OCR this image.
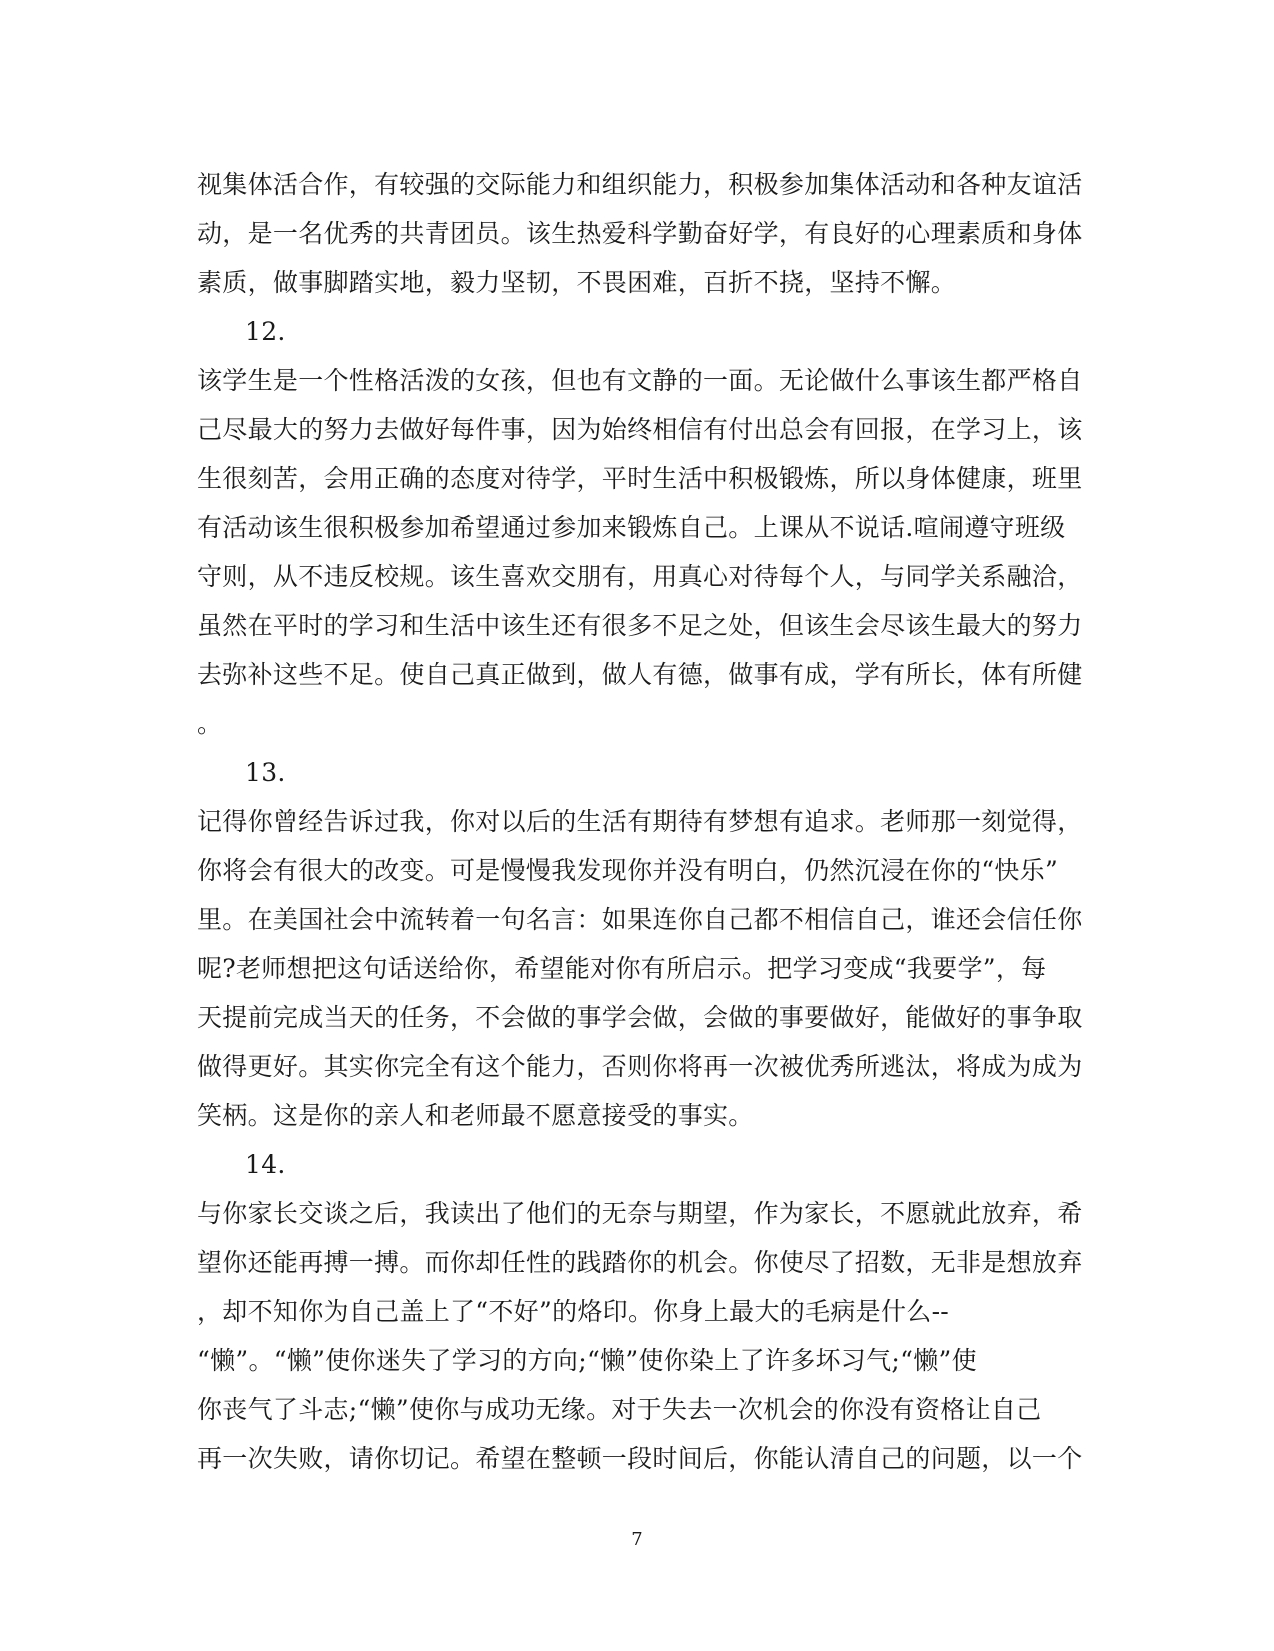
视集体活合作，有较强的交际能力和组织能力，积极参加集体活动和各种友谊活
动，是一名优秀的共青团员。该生热爱科学勤奋好学，有良好的心理素质和身体
素质，做事脚踏实地，毅力坚韧，不畏困难，百折不挠，坚持不懈。
12.
该学生是一个性格活泼的女孩，但也有文静的一面。无论做什么事该生都严格自
己尽最大的努力去做好每件事，因为始终相信有付出总会有回报，在学习上，该
生很刻苦，会用正确的态度对待学，平时生活中积极锻炼，所以身体健康，班里
有活动该生很积极参加希望通过参加来锻炼自己。上课从不说话.喧闹遵守班级
守则，从不违反校规。该生喜欢交朋有，用真心对待每个人，与同学关系融洽，
虽然在平时的学习和生活中该生还有很多不足之处，但该生会尽该生最大的努力
去弥补这些不足。使自己真正做到，做人有德，做事有成，学有所长，体有所健
。
13.
记得你曾经告诉过我，你对以后的生活有期待有梦想有追求。老师那一刻觉得，
你将会有很大的改变。可是慢慢我发现你并没有明白，仍然沉浸在你的“快乐”
里。在美国社会中流转着一句名言：如果连你自己都不相信自己，谁还会信任你
呢?老师想把这句话送给你，希望能对你有所启示。把学习变成“我要学”，每
天提前完成当天的任务，不会做的事学会做，会做的事要做好，能做好的事争取
做得更好。其实你完全有这个能力，否则你将再一次被优秀所逃汰，将成为成为
笑柄。这是你的亲人和老师最不愿意接受的事实。
14.
与你家长交谈之后，我读出了他们的无奈与期望，作为家长，不愿就此放弃，希
望你还能再搏一搏。而你却任性的践踏你的机会。你使尽了招数，无非是想放弃
，却不知你为自己盖上了“不好”的烙印。你身上最大的毛病是什么--
“懒”。“懒”使你迷失了学习的方向;“懒”使你染上了许多坏习气;“懒”使
你丧气了斗志;“懒”使你与成功无缘。对于失去一次机会的你没有资格让自己
再一次失败，请你切记。希望在整顿一段时间后，你能认清自己的问题，以一个
7
